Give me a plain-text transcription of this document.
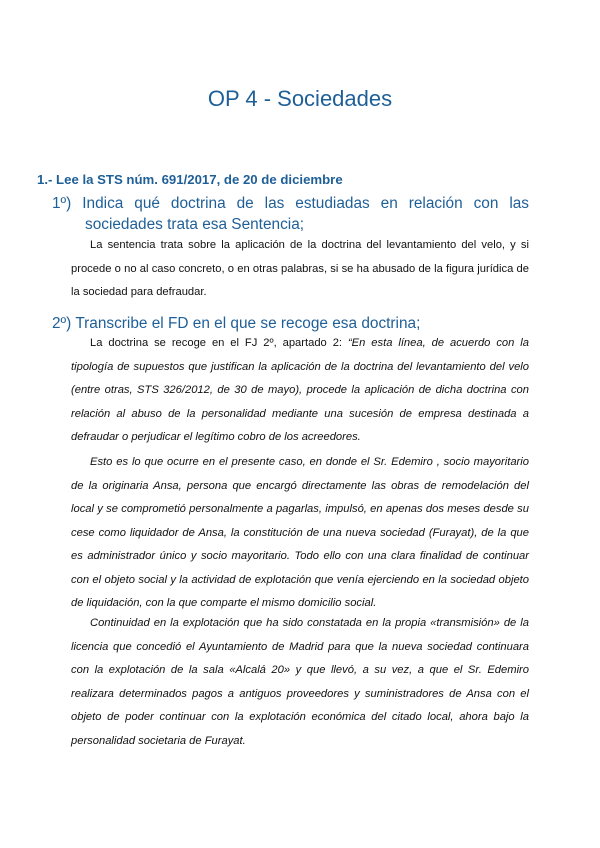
OP 4 - Sociedades

1.- Lee la STS núm. 691/2017, de 20 de diciembre

1º) Indica qué doctrina de las estudiadas en relación con las sociedades trata esa Sentencia;

La sentencia trata sobre la aplicación de la doctrina del levantamiento del velo, y si procede o no al caso concreto, o en otras palabras, si se ha abusado de la figura jurídica de la sociedad para defraudar.

2º) Transcribe el FD en el que se recoge esa doctrina;

La doctrina se recoge en el FJ 2º, apartado 2: “En esta línea, de acuerdo con la tipología de supuestos que justifican la aplicación de la doctrina del levantamiento del velo (entre otras, STS 326/2012, de 30 de mayo), procede la aplicación de dicha doctrina con relación al abuso de la personalidad mediante una sucesión de empresa destinada a defraudar o perjudicar el legítimo cobro de los acreedores.

Esto es lo que ocurre en el presente caso, en donde el Sr. Edemiro , socio mayoritario de la originaria Ansa, persona que encargó directamente las obras de remodelación del local y se comprometió personalmente a pagarlas, impulsó, en apenas dos meses desde su cese como liquidador de Ansa, la constitución de una nueva sociedad (Furayat), de la que es administrador único y socio mayoritario. Todo ello con una clara finalidad de continuar con el objeto social y la actividad de explotación que venía ejerciendo en la sociedad objeto de liquidación, con la que comparte el mismo domicilio social.

Continuidad en la explotación que ha sido constatada en la propia «transmisión» de la licencia que concedió el Ayuntamiento de Madrid para que la nueva sociedad continuara con la explotación de la sala «Alcalá 20» y que llevó, a su vez, a que el Sr. Edemiro realizara determinados pagos a antiguos proveedores y suministradores de Ansa con el objeto de poder continuar con la explotación económica del citado local, ahora bajo la personalidad societaria de Furayat.
